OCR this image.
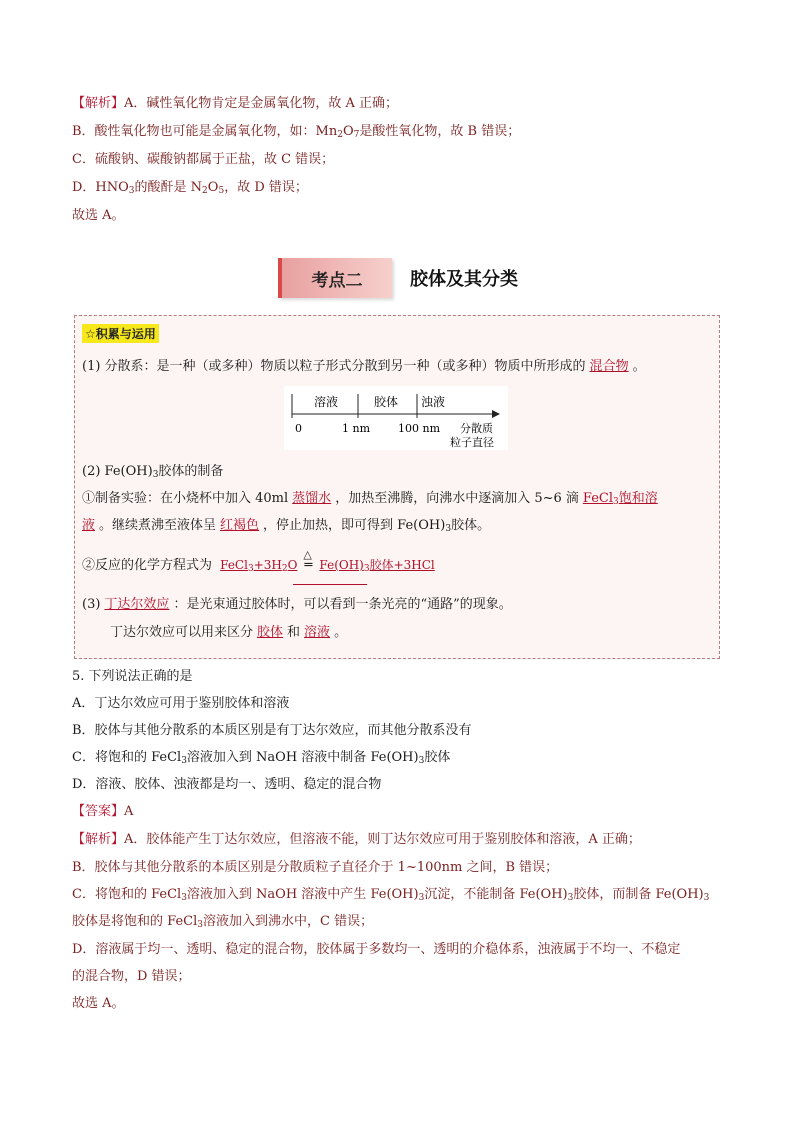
【解析】A．碱性氧化物肯定是金属氧化物，故 A 正确；
B．酸性氧化物也可能是金属氧化物，如：$Mn_2O_7$是酸性氧化物，故 B 错误；
C．硫酸钠、碳酸钠都属于正盐，故 C 错误；
D．$HNO_3$的酸酐是 $N_2O_5$，故 D 错误；
故选 A。
考点二	胶体及其分类
☆积累与运用
(1) 分散系：是一种（或多种）物质以粒子形式分散到另一种（或多种）物质中所形成的 混合物 。
溶液	胶体 浊液
0	1 nm	100 nm 分散质
粒子直径
(2) $Fe(OH)_3$胶体的制备
①制备实验：在小烧杯中加入 40ml 蒸馏水 ，加热至沸腾，向沸水中逐滴加入 5~6 滴 FeCl$_3$饱和溶
液 。继续煮沸至液体呈 红褐色 ，停止加热，即可得到 $Fe(OH)_3$胶体。
②反应的化学方程式为 $FeCl_3+3H_2O$
△
═ $Fe(OH)_3$胶体+3HCl
(3) 丁达尔效应 ：是光束通过胶体时，可以看到一条光亮的“通路”的现象。
丁达尔效应可以用来区分 胶体 和 溶液 。
5. 下列说法正确的是
A．丁达尔效应可用于鉴别胶体和溶液
B．胶体与其他分散系的本质区别是有丁达尔效应，而其他分散系没有
C．将饱和的 FeCl$_3$溶液加入到 NaOH 溶液中制备 $Fe(OH)_3$胶体
D．溶液、胶体、浊液都是均一、透明、稳定的混合物
【答案】A
【解析】A．胶体能产生丁达尔效应，但溶液不能，则丁达尔效应可用于鉴别胶体和溶液，A 正确；
B．胶体与其他分散系的本质区别是分散质粒子直径介于 1~100nm 之间，B 错误；
C．将饱和的 FeCl$_3$溶液加入到 NaOH 溶液中产生 $Fe(OH)_3$沉淀，不能制备 $Fe(OH)_3$胶体，而制备 $Fe(OH)_3$
胶体是将饱和的 FeCl$_3$溶液加入到沸水中，C 错误；
D．溶液属于均一、透明、稳定的混合物，胶体属于多数均一、透明的介稳体系，浊液属于不均一、不稳定
的混合物，D 错误；
故选 A。
